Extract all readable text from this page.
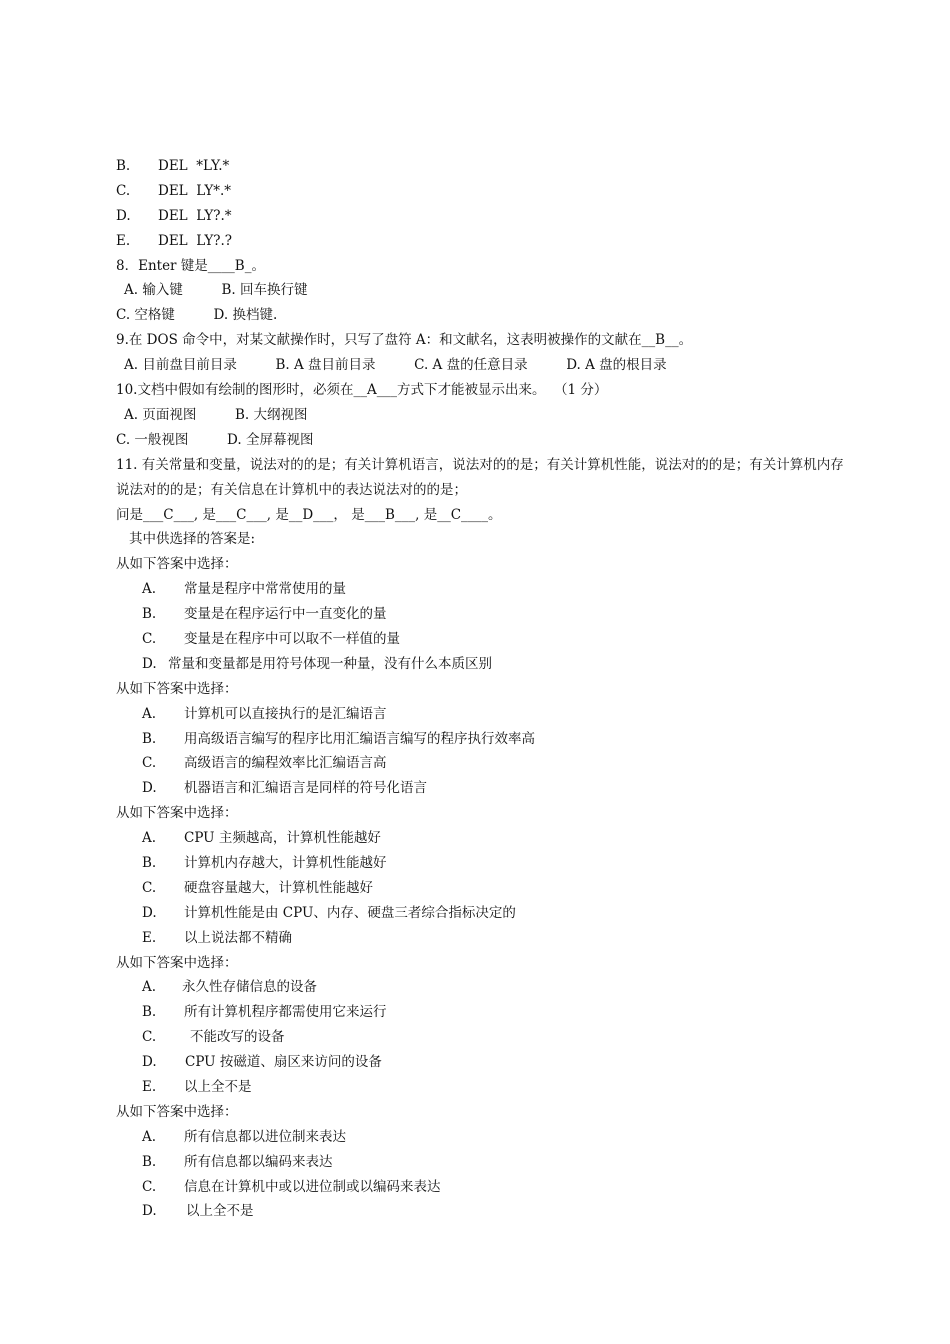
B. DEL  *LY.*
C. DEL  LY*.*
D. DEL  LY?.*
E. DEL  LY?.?
8．Enter 键是____B_。
A. 输入键         B. 回车换行键
C. 空格键         D. 换档键.
9.在 DOS 命令中，对某文献操作时，只写了盘符 A：和文献名，这表明被操作的文献在__B__。
A. 目前盘目前目录         B. A 盘目前目录         C. A 盘的任意目录         D. A 盘的根目录
10.文档中假如有绘制的图形时，必须在__A___方式下才能被显示出来。  （1 分）
A. 页面视图         B. 大纲视图
C. 一般视图         D. 全屏幕视图
11. 有关常量和变量，说法对的的是；有关计算机语言，说法对的的是；有关计算机性能，说法对的的是；有关计算机内存说法对的的是；有关信息在计算机中的表达说法对的的是；
问是___C___, 是___C___, 是__D___， 是___B___, 是__C____。
其中供选择的答案是:
从如下答案中选择：
A. 常量是程序中常常使用的量
B. 变量是在程序运行中一直变化的量
C. 变量是在程序中可以取不一样值的量
D. 常量和变量都是用符号体现一种量，没有什么本质区别
从如下答案中选择：
A. 计算机可以直接执行的是汇编语言
B. 用高级语言编写的程序比用汇编语言编写的程序执行效率高
C. 高级语言的编程效率比汇编语言高
D. 机器语言和汇编语言是同样的符号化语言
从如下答案中选择：
A. CPU 主频越高，计算机性能越好
B. 计算机内存越大，计算机性能越好
C. 硬盘容量越大，计算机性能越好
D. 计算机性能是由 CPU、内存、硬盘三者综合指标决定的
E. 以上说法都不精确
从如下答案中选择：
A. 永久性存储信息的设备
B. 所有计算机程序都需使用它来运行
C.	不能改写的设备
D. CPU 按磁道、扇区来访问的设备
E. 以上全不是
从如下答案中选择：
A. 所有信息都以进位制来表达
B. 所有信息都以编码来表达
C. 信息在计算机中或以进位制或以编码来表达
D. 以上全不是
